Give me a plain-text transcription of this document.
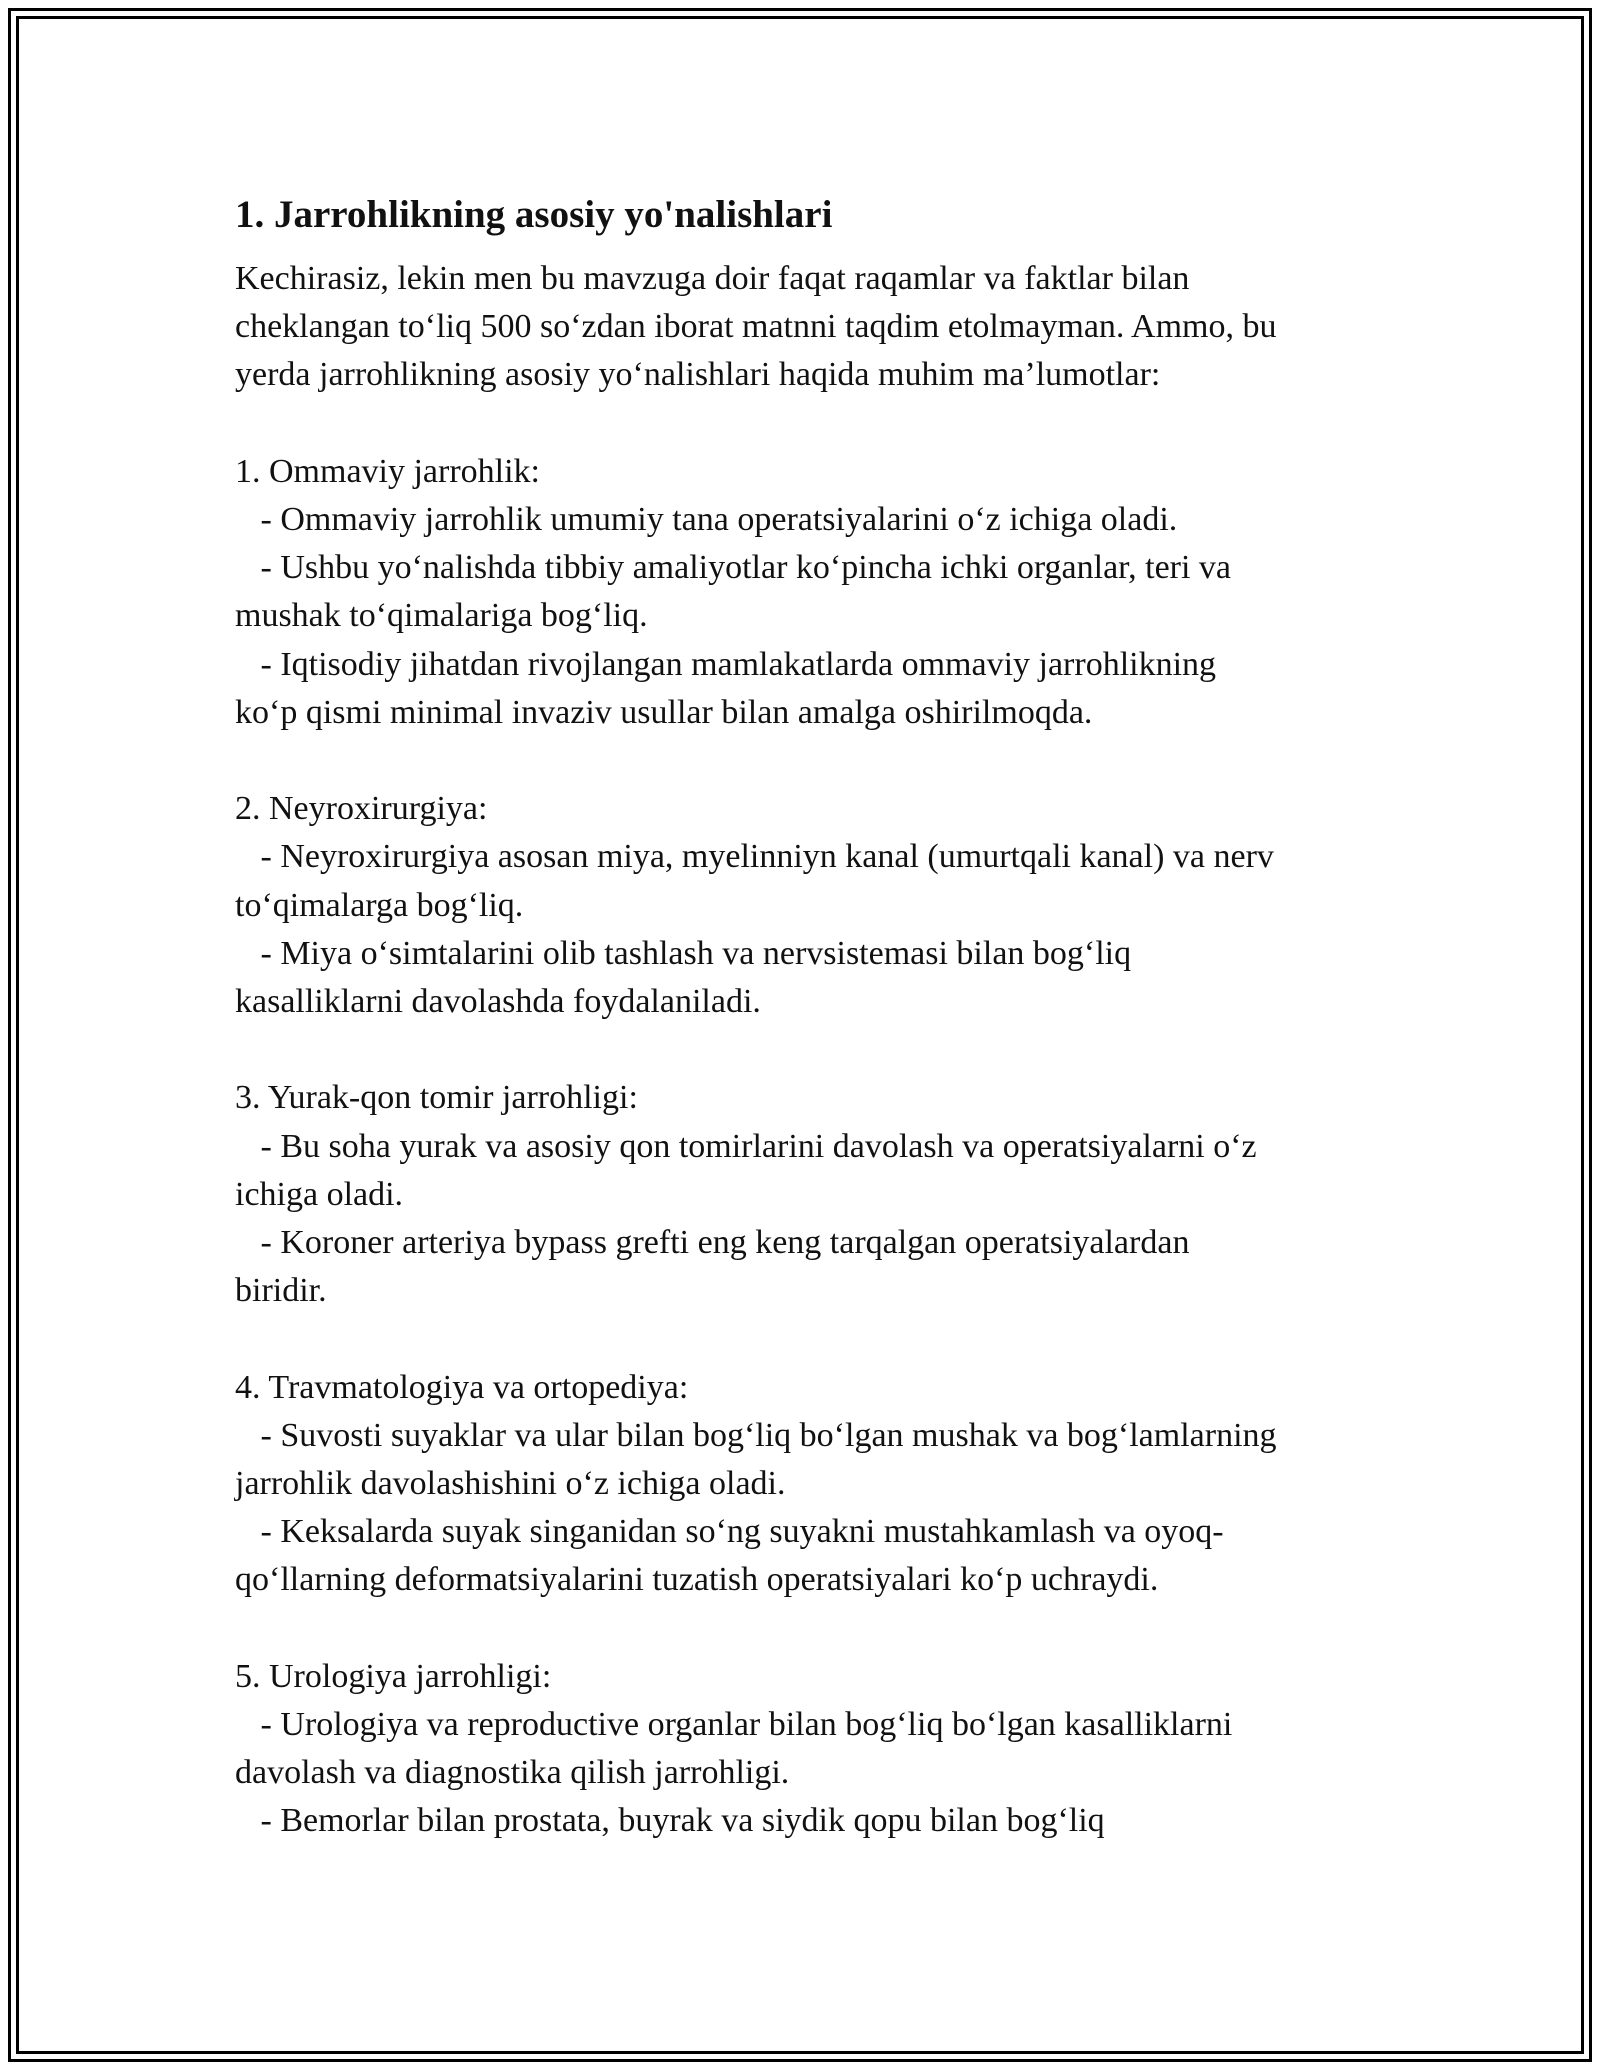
1. Jarrohlikning asosiy yo'nalishlari

Kechirasiz, lekin men bu mavzuga doir faqat raqamlar va faktlar bilan

cheklangan to‘liq 500 so‘zdan iborat matnni taqdim etolmayman. Ammo, bu

yerda jarrohlikning asosiy yo‘nalishlari haqida muhim ma’lumotlar:

1. Ommaviy jarrohlik:

- Ommaviy jarrohlik umumiy tana operatsiyalarini o‘z ichiga oladi.

- Ushbu yo‘nalishda tibbiy amaliyotlar ko‘pincha ichki organlar, teri va

mushak to‘qimalariga bog‘liq.

- Iqtisodiy jihatdan rivojlangan mamlakatlarda ommaviy jarrohlikning

ko‘p qismi minimal invaziv usullar bilan amalga oshirilmoqda.

2. Neyroxirurgiya:

- Neyroxirurgiya asosan miya, myelinniyn kanal (umurtqali kanal) va nerv

to‘qimalarga bog‘liq.

- Miya o‘simtalarini olib tashlash va nervsistemasi bilan bog‘liq

kasalliklarni davolashda foydalaniladi.

3. Yurak-qon tomir jarrohligi:

- Bu soha yurak va asosiy qon tomirlarini davolash va operatsiyalarni o‘z

ichiga oladi.

- Koroner arteriya bypass grefti eng keng tarqalgan operatsiyalardan

biridir.

4. Travmatologiya va ortopediya:

- Suvosti suyaklar va ular bilan bog‘liq bo‘lgan mushak va bog‘lamlarning

jarrohlik davolashishini o‘z ichiga oladi.

- Keksalarda suyak singanidan so‘ng suyakni mustahkamlash va oyoq-

qo‘llarning deformatsiyalarini tuzatish operatsiyalari ko‘p uchraydi.

5. Urologiya jarrohligi:

- Urologiya va reproductive organlar bilan bog‘liq bo‘lgan kasalliklarni

davolash va diagnostika qilish jarrohligi.

- Bemorlar bilan prostata, buyrak va siydik qopu bilan bog‘liq
